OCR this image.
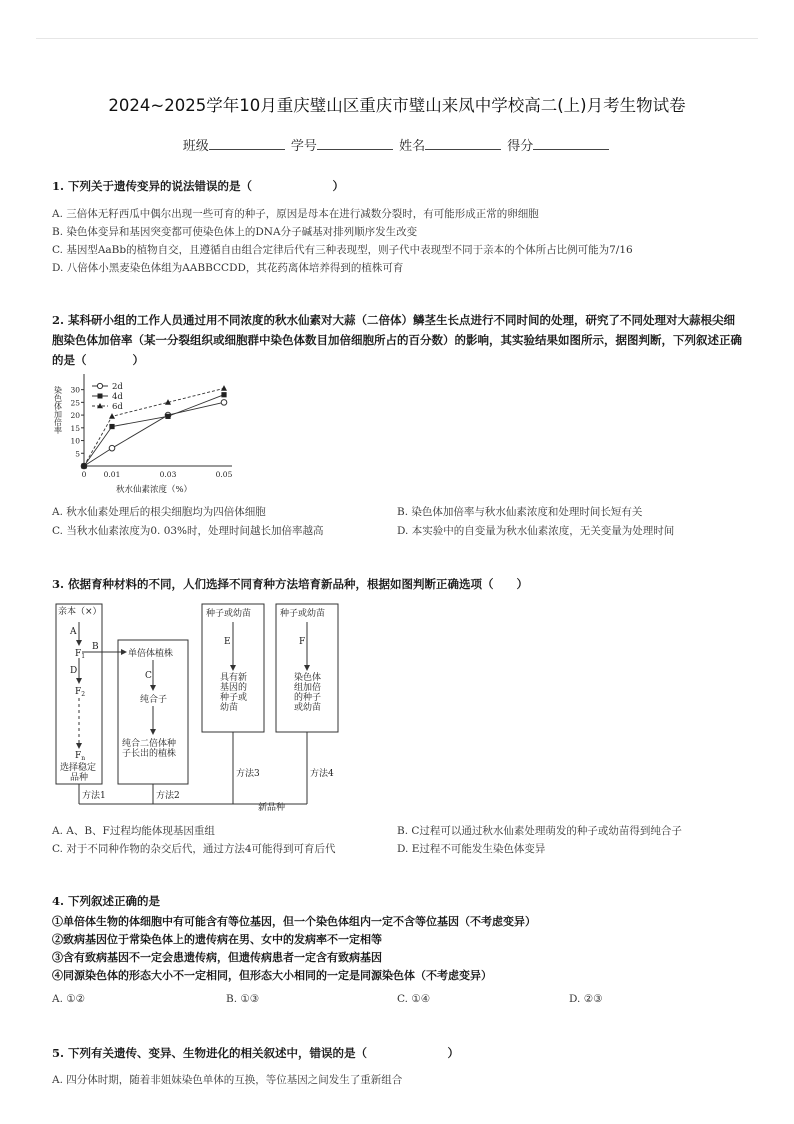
2024~2025学年10月重庆璧山区重庆市璧山来凤中学校高二(上)月考生物试卷
班级	学号	姓名	得分
1. 下列关于遗传变异的说法错误的是（　　　　　　　）
A. 三倍体无籽西瓜中偶尔出现一些可育的种子，原因是母本在进行减数分裂时，有可能形成正常的卵细胞
B. 染色体变异和基因突变都可使染色体上的DNA分子碱基对排列顺序发生改变
C. 基因型AaBb的植物自交，且遵循自由组合定律后代有三种表现型，则子代中表现型不同于亲本的个体所占比例可能为7/16
D. 八倍体小黑麦染色体组为AABBCCDD，其花药离体培养得到的植株可育
2. 某科研小组的工作人员通过用不同浓度的秋水仙素对大蒜（二倍体）鳞茎生长点进行不同时间的处理，研究了不同处理对大蒜根尖细胞染色体加倍率（某一分裂组织或细胞群中染色体数目加倍细胞所占的百分数）的影响，其实验结果如图所示，据图判断，下列叙述正确的是（　　　　）
5
10
15
20
25
30
0 0.01	0.03	0.05
秋水仙素浓度（%）
染色体加倍率	2d
4d
6d
A. 秋水仙素处理后的根尖细胞均为四倍体细胞	B. 染色体加倍率与秋水仙素浓度和处理时间长短有关
C. 当秋水仙素浓度为0. 03%时，处理时间越长加倍率越高	D. 本实验中的自变量为秋水仙素浓度，无关变量为处理时间
3. 依据育种材料的不同，人们选择不同育种方法培育新品种，根据如图判断正确选项（　　）
亲本（×）
A
$F_1$
B
D
$F_2$
$F_n$
选择稳定
品种
单倍体植株
C
纯合子
纯合二倍体种
子长出的植株
种子或幼苗
E
具有新
基因的
种子或
幼苗
种子或幼苗
F
染色体
组加倍
的种子
或幼苗
方法1	方法2
方法3	方法4
新品种
A. A、B、F过程均能体现基因重组	B. C过程可以通过秋水仙素处理萌发的种子或幼苗得到纯合子
C. 对于不同种作物的杂交后代，通过方法4可能得到可育后代	D. E过程不可能发生染色体变异
4. 下列叙述正确的是
①单倍体生物的体细胞中有可能含有等位基因，但一个染色体组内一定不含等位基因（不考虑变异）
②致病基因位于常染色体上的遗传病在男、女中的发病率不一定相等
③含有致病基因不一定会患遗传病，但遗传病患者一定含有致病基因
④同源染色体的形态大小不一定相同，但形态大小相同的一定是同源染色体（不考虑变异）
A. ①②	B. ①③	C. ①④	D. ②③
5. 下列有关遗传、变异、生物进化的相关叙述中，错误的是（　　　　　　　）
A. 四分体时期，随着非姐妹染色单体的互换，等位基因之间发生了重新组合
